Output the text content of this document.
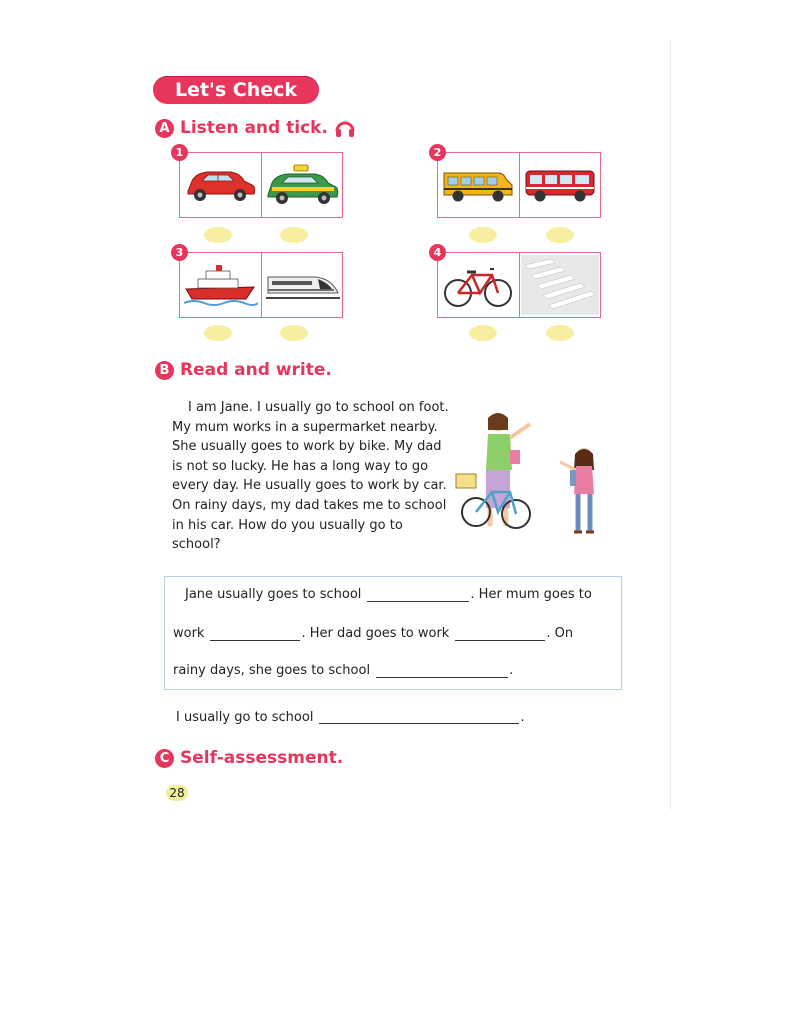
Let's Check
A Listen and tick.
1	2
3	4
B Read and write.

I am Jane. I usually go to school on foot. My mum works in a supermarket nearby. She usually goes to work by bike. My dad is not so lucky. He has a long way to go every day. He usually goes to work by car. On rainy days, my dad takes me to school in his car. How do you usually go to school?

Jane usually goes to school	. Her mum goes to
work	. Her dad goes to work	. On
rainy days, she goes to school	.
I usually go to school	.
C Self-assessment.
28
